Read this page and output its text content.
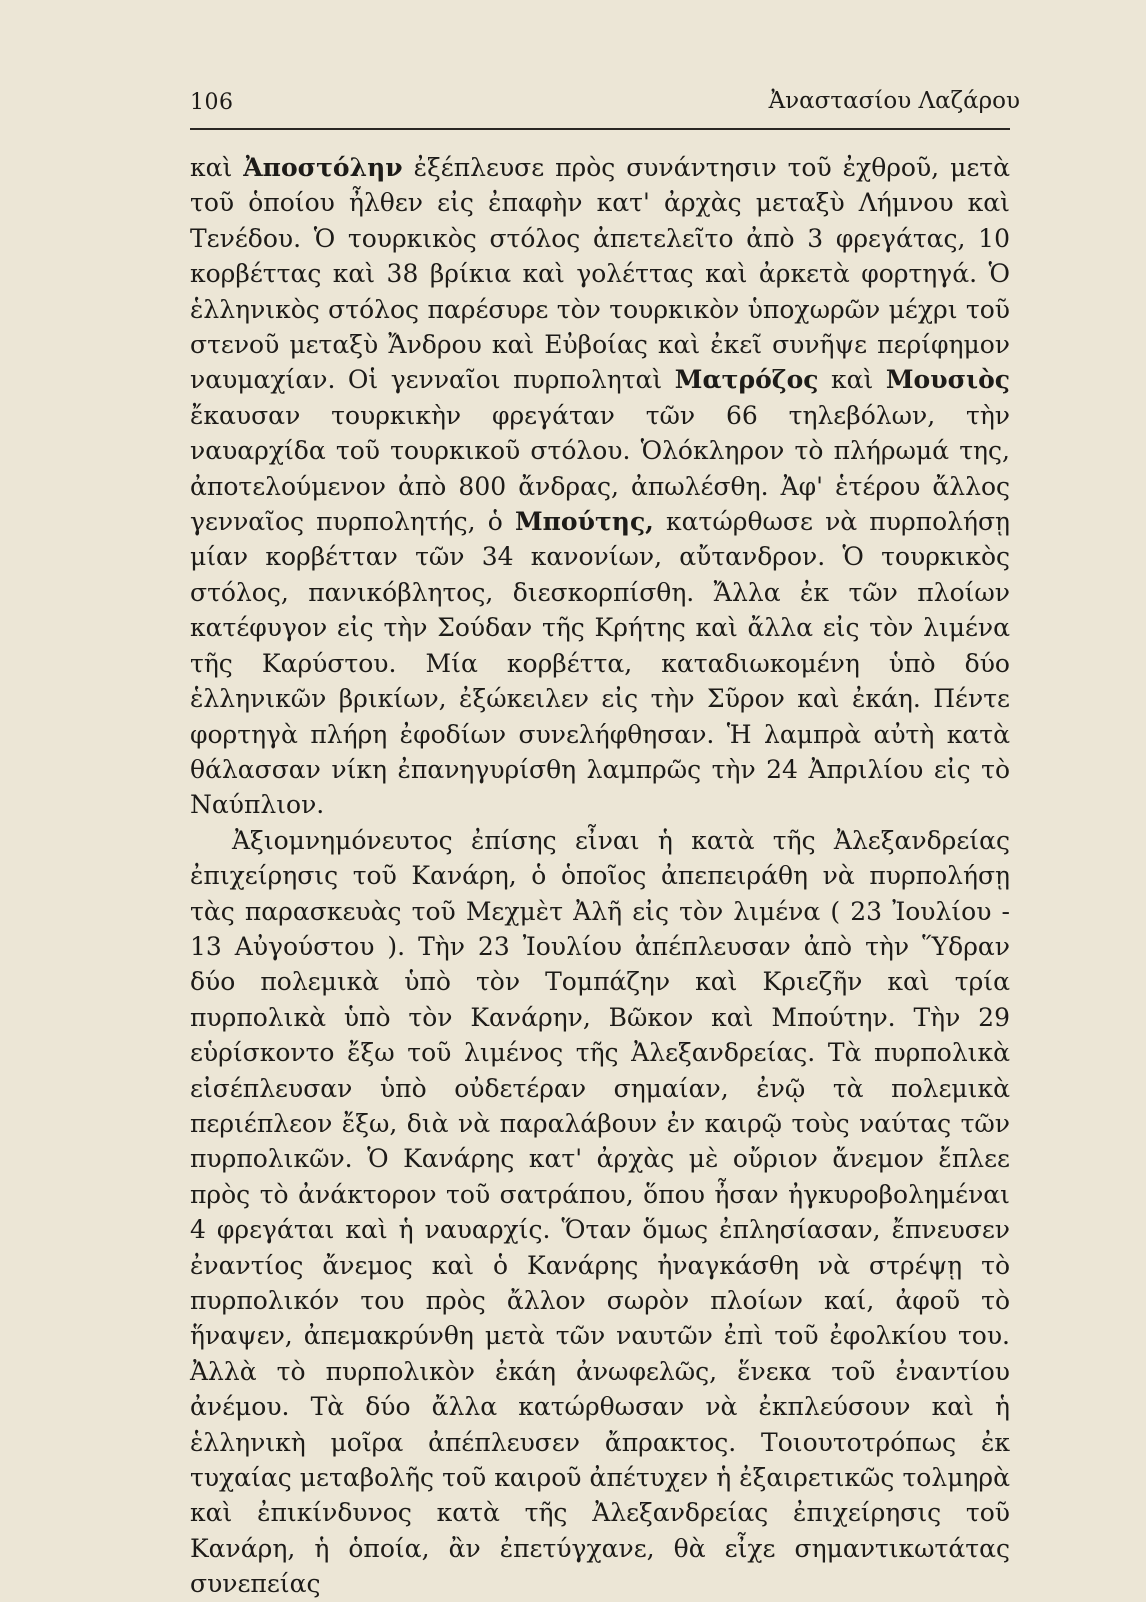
106	Ἀναστασίου Λαζάρου

καὶ Ἀποστόλην ἐξέπλευσε πρὸς συνάντησιν τοῦ ἐχθροῦ, μετὰ τοῦ ὁποίου ἦλθεν εἰς ἐπαφὴν κατ' ἀρχὰς μεταξὺ Λήμνου καὶ Τενέδου. Ὁ τουρκικὸς στόλος ἀπετελεῖτο ἀπὸ 3 φρεγάτας, 10 κορβέττας καὶ 38 βρίκια καὶ γολέττας καὶ ἀρκετὰ φορτηγά. Ὁ ἑλληνικὸς στόλος παρέσυρε τὸν τουρκικὸν ὑποχωρῶν μέχρι τοῦ στενοῦ μεταξὺ Ἄνδρου καὶ Εὐβοίας καὶ ἐκεῖ συνῆψε περίφημον ναυμαχίαν. Οἱ γενναῖοι πυρποληταὶ Ματρόζος καὶ Μουσιὸς ἔκαυσαν τουρκικὴν φρεγάταν τῶν 66 τηλεβόλων, τὴν ναυαρχίδα τοῦ τουρκικοῦ στόλου. Ὁλόκληρον τὸ πλήρωμά της, ἀποτελούμενον ἀπὸ 800 ἄνδρας, ἀπωλέσθη. Ἀφ' ἑτέρου ἄλλος γενναῖος πυρπολητής, ὁ Μπούτης, κατώρθωσε νὰ πυρπολήσῃ μίαν κορβέτταν τῶν 34 κανονίων, αὔτανδρον. Ὁ τουρκικὸς στόλος, πανικόβλητος, διεσκορπίσθη. Ἄλλα ἐκ τῶν πλοίων κατέφυγον εἰς τὴν Σούδαν τῆς Κρήτης καὶ ἄλλα εἰς τὸν λιμένα τῆς Καρύστου. Μία κορβέττα, καταδιωκομένη ὑπὸ δύο ἑλληνικῶν βρικίων, ἐξώκειλεν εἰς τὴν Σῦρον καὶ ἐκάη. Πέντε φορτηγὰ πλήρη ἐφοδίων συνελήφθησαν. Ἡ λαμπρὰ αὐτὴ κατὰ θάλασσαν νίκη ἐπανηγυρίσθη λαμπρῶς τὴν 24 Ἀπριλίου εἰς τὸ Ναύπλιον.

Ἀξιομνημόνευτος ἐπίσης εἶναι ἡ κατὰ τῆς Ἀλεξανδρείας ἐπιχείρησις τοῦ Κανάρη, ὁ ὁποῖος ἀπεπειράθη νὰ πυρπολήσῃ τὰς παρασκευὰς τοῦ Μεχμὲτ Ἀλῆ εἰς τὸν λιμένα ( 23 Ἰουλίου - 13 Αὐγούστου ). Τὴν 23 Ἰουλίου ἀπέπλευσαν ἀπὸ τὴν Ὕδραν δύο πολεμικὰ ὑπὸ τὸν Τομπάζην καὶ Κριεζῆν καὶ τρία πυρπολικὰ ὑπὸ τὸν Κανάρην, Βῶκον καὶ Μπούτην. Τὴν 29 εὑρίσκοντο ἔξω τοῦ λιμένος τῆς Ἀλεξανδρείας. Τὰ πυρπολικὰ εἰσέπλευσαν ὑπὸ οὐδετέραν σημαίαν, ἐνῷ τὰ πολεμικὰ περιέπλεον ἔξω, διὰ νὰ παραλάβουν ἐν καιρῷ τοὺς ναύτας τῶν πυρπολικῶν. Ὁ Κανάρης κατ' ἀρχὰς μὲ οὔριον ἄνεμον ἔπλεε πρὸς τὸ ἀνάκτορον τοῦ σατράπου, ὅπου ἦσαν ἠγκυροβολημέναι 4 φρεγάται καὶ ἡ ναυαρχίς. Ὅταν ὅμως ἐπλησίασαν, ἔπνευσεν ἐναντίος ἄνεμος καὶ ὁ Κανάρης ἠναγκάσθη νὰ στρέψῃ τὸ πυρπολικόν του πρὸς ἄλλον σωρὸν πλοίων καί, ἀφοῦ τὸ ἥναψεν, ἀπεμακρύνθη μετὰ τῶν ναυτῶν ἐπὶ τοῦ ἐφολκίου του. Ἀλλὰ τὸ πυρπολικὸν ἐκάη ἀνωφελῶς, ἕνεκα τοῦ ἐναντίου ἀνέμου. Τὰ δύο ἄλλα κατώρθωσαν νὰ ἐκπλεύσουν καὶ ἡ ἑλληνικὴ μοῖρα ἀπέπλευσεν ἄπρακτος. Τοιουτοτρόπως ἐκ τυχαίας μεταβολῆς τοῦ καιροῦ ἀπέτυχεν ἡ ἐξαιρετικῶς τολμηρὰ καὶ ἐπικίνδυνος κατὰ τῆς Ἀλεξανδρείας ἐπιχείρησις τοῦ Κανάρη, ἡ ὁποία, ἂν ἐπετύγχανε, θὰ εἶχε σημαντικωτάτας συνεπείας
